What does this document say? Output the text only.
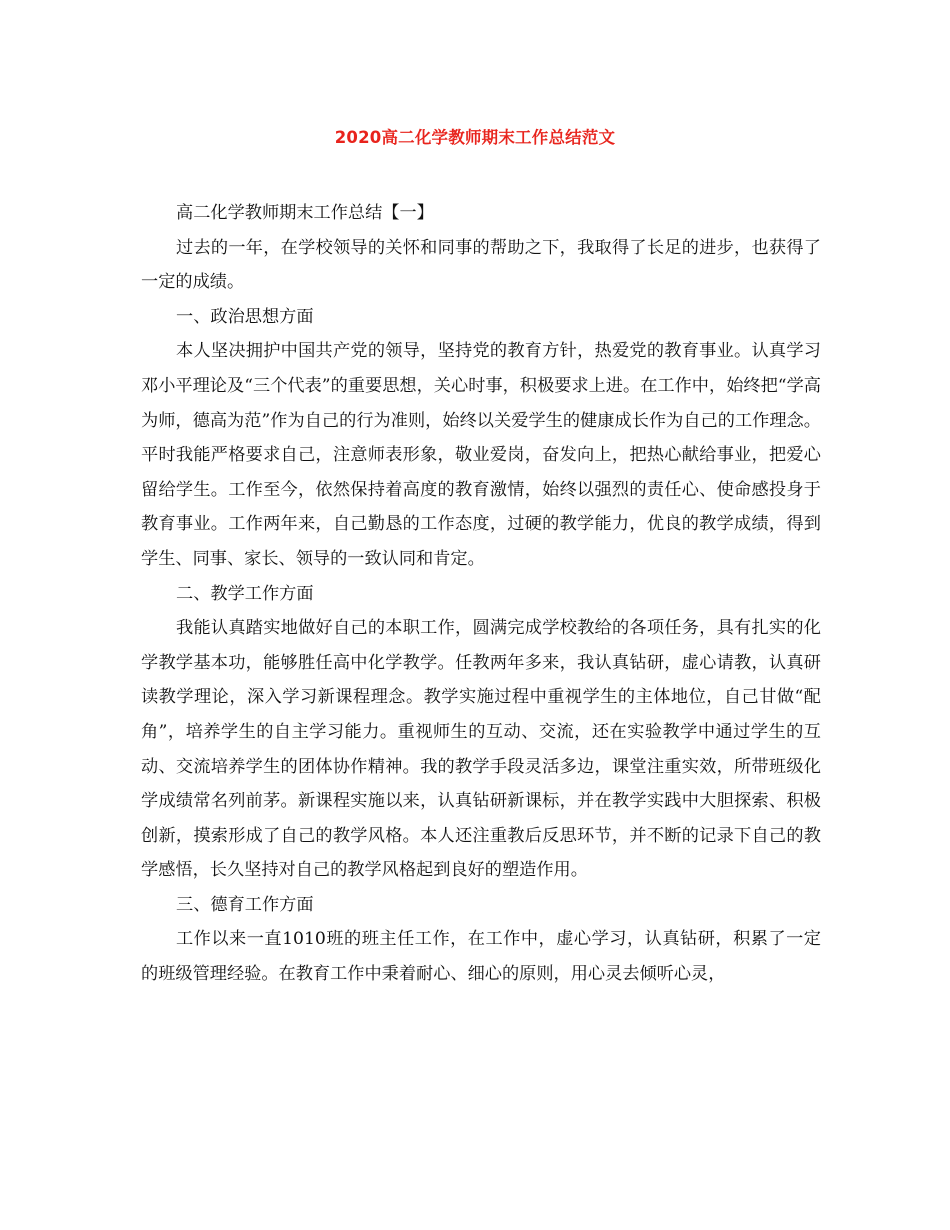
2020高二化学教师期末工作总结范文

高二化学教师期末工作总结【一】

过去的一年，在学校领导的关怀和同事的帮助之下，我取得了长足的进步，也获得了一定的成绩。

一、政治思想方面

本人坚决拥护中国共产党的领导，坚持党的教育方针，热爱党的教育事业。认真学习邓小平理论及“三个代表”的重要思想，关心时事，积极要求上进。在工作中，始终把“学高为师，德高为范”作为自己的行为准则，始终以关爱学生的健康成长作为自己的工作理念。平时我能严格要求自己，注意师表形象，敬业爱岗，奋发向上，把热心献给事业，把爱心留给学生。工作至今，依然保持着高度的教育激情，始终以强烈的责任心、使命感投身于教育事业。工作两年来，自己勤恳的工作态度，过硬的教学能力，优良的教学成绩，得到学生、同事、家长、领导的一致认同和肯定。

二、教学工作方面

我能认真踏实地做好自己的本职工作，圆满完成学校教给的各项任务，具有扎实的化学教学基本功，能够胜任高中化学教学。任教两年多来，我认真钻研，虚心请教，认真研读教学理论，深入学习新课程理念。教学实施过程中重视学生的主体地位，自己甘做“配角”，培养学生的自主学习能力。重视师生的互动、交流，还在实验教学中通过学生的互动、交流培养学生的团体协作精神。我的教学手段灵活多边，课堂注重实效，所带班级化学成绩常名列前茅。新课程实施以来，认真钻研新课标，并在教学实践中大胆探索、积极创新，摸索形成了自己的教学风格。本人还注重教后反思环节，并不断的记录下自己的教学感悟，长久坚持对自己的教学风格起到良好的塑造作用。

三、德育工作方面

工作以来一直1010班的班主任工作，在工作中，虚心学习，认真钻研，积累了一定的班级管理经验。在教育工作中秉着耐心、细心的原则，用心灵去倾听心灵，
